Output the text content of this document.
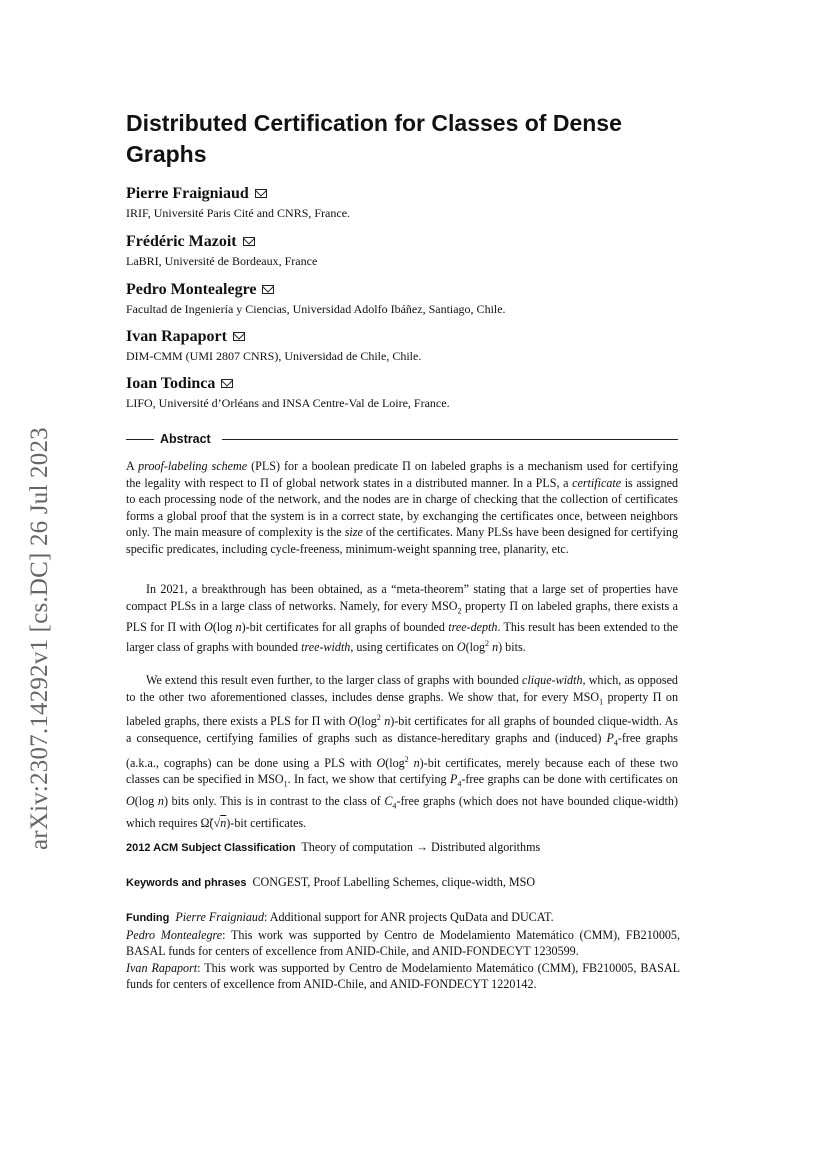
arXiv:2307.14292v1 [cs.DC] 26 Jul 2023
Distributed Certification for Classes of Dense Graphs
Pierre Fraigniaud
IRIF, Université Paris Cité and CNRS, France.
Frédéric Mazoit
LaBRI, Université de Bordeaux, France
Pedro Montealegre
Facultad de Ingeniería y Ciencias, Universidad Adolfo Ibáñez, Santiago, Chile.
Ivan Rapaport
DIM-CMM (UMI 2807 CNRS), Universidad de Chile, Chile.
Ioan Todinca
LIFO, Université d’Orléans and INSA Centre-Val de Loire, France.
Abstract
A proof-labeling scheme (PLS) for a boolean predicate Π on labeled graphs is a mechanism used for certifying the legality with respect to Π of global network states in a distributed manner. In a PLS, a certificate is assigned to each processing node of the network, and the nodes are in charge of checking that the collection of certificates forms a global proof that the system is in a correct state, by exchanging the certificates once, between neighbors only. The main measure of complexity is the size of the certificates. Many PLSs have been designed for certifying specific predicates, including cycle-freeness, minimum-weight spanning tree, planarity, etc.
In 2021, a breakthrough has been obtained, as a “meta-theorem” stating that a large set of properties have compact PLSs in a large class of networks. Namely, for every $MSO_2$ property Π on labeled graphs, there exists a PLS for Π with O(log n)-bit certificates for all graphs of bounded tree-depth. This result has been extended to the larger class of graphs with bounded tree-width, using certificates on $O(\log^2$ n) bits.
We extend this result even further, to the larger class of graphs with bounded clique-width, which, as opposed to the other two aforementioned classes, includes dense graphs. We show that, for every $MSO_1$ property Π on labeled graphs, there exists a PLS for Π with $O(\log^2$ n)-bit certificates for all graphs of bounded clique-width. As a consequence, certifying families of graphs such as distance-hereditary graphs and (induced) $P_4$-free graphs (a.k.a., cographs) can be done using a PLS with $O(\log^2$ n)-bit certificates, merely because each of these two classes can be specified in $MSO_1$. In fact, we show that certifying $P_4$-free graphs can be done with certificates on O(log n) bits only. This is in contrast to the class of $C_4$-free graphs (which does not have bounded clique-width) which requires Ω̃(√n)-bit certificates.
2012 ACM Subject Classification Theory of computation → Distributed algorithms
Keywords and phrases CONGEST, Proof Labelling Schemes, clique-width, MSO
Funding Pierre Fraigniaud: Additional support for ANR projects QuData and DUCAT.
Pedro Montealegre: This work was supported by Centro de Modelamiento Matemático (CMM), FB210005, BASAL funds for centers of excellence from ANID-Chile, and ANID-FONDECYT 1230599.
Ivan Rapaport: This work was supported by Centro de Modelamiento Matemático (CMM), FB210005, BASAL funds for centers of excellence from ANID-Chile, and ANID-FONDECYT 1220142.
